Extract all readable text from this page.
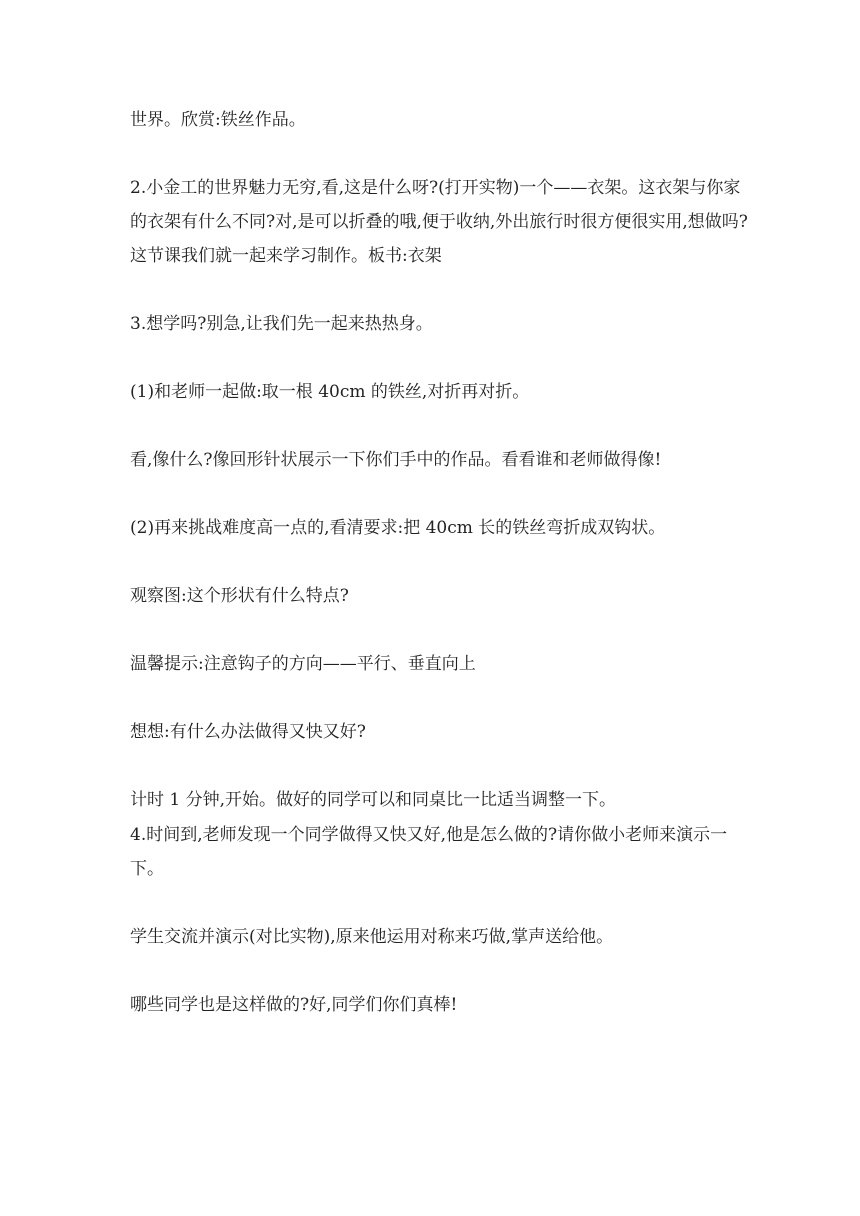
世界。欣赏:铁丝作品。

2.小金工的世界魅力无穷,看,这是什么呀?(打开实物)一个——衣架。这衣架与你家的衣架有什么不同?对,是可以折叠的哦,便于收纳,外出旅行时很方便很实用,想做吗?这节课我们就一起来学习制作。板书:衣架

3.想学吗?别急,让我们先一起来热热身。

(1)和老师一起做:取一根 40cm 的铁丝,对折再对折。

看,像什么?像回形针状展示一下你们手中的作品。看看谁和老师做得像!

(2)再来挑战难度高一点的,看清要求:把 40cm 长的铁丝弯折成双钩状。

观察图:这个形状有什么特点?

温馨提示:注意钩子的方向——平行、垂直向上

想想:有什么办法做得又快又好?

计时 1 分钟,开始。做好的同学可以和同桌比一比适当调整一下。

4.时间到,老师发现一个同学做得又快又好,他是怎么做的?请你做小老师来演示一下。

学生交流并演示(对比实物),原来他运用对称来巧做,掌声送给他。

哪些同学也是这样做的?好,同学们你们真棒!
